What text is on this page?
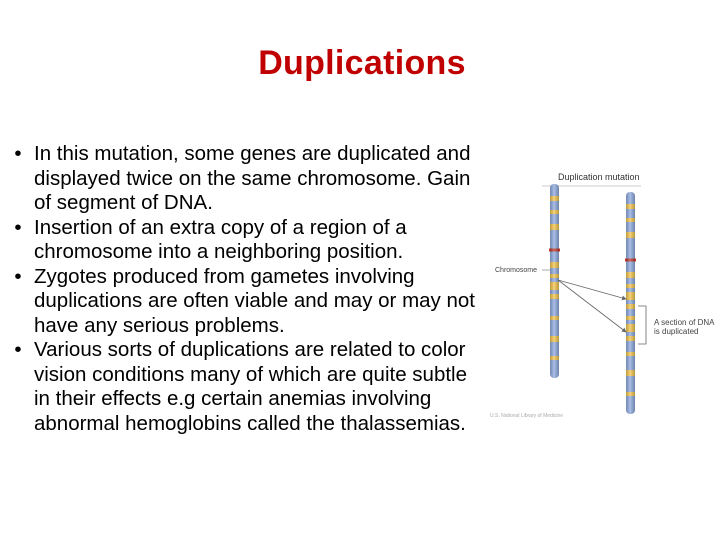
Duplications
• In this mutation, some genes are duplicated and displayed twice on the same chromosome. Gain of segment of DNA.
• Insertion of an extra copy of a region of a chromosome into a neighboring position.
• Zygotes produced from gametes involving duplications are often viable and may or may not have any serious problems.
• Various sorts of duplications are related to color vision conditions many of which are quite subtle in their effects e.g certain anemias involving abnormal hemoglobins called the thalassemias.
Duplication mutation
Chromosome
U.S. National Library of Medicine
A section of DNA
is duplicated
